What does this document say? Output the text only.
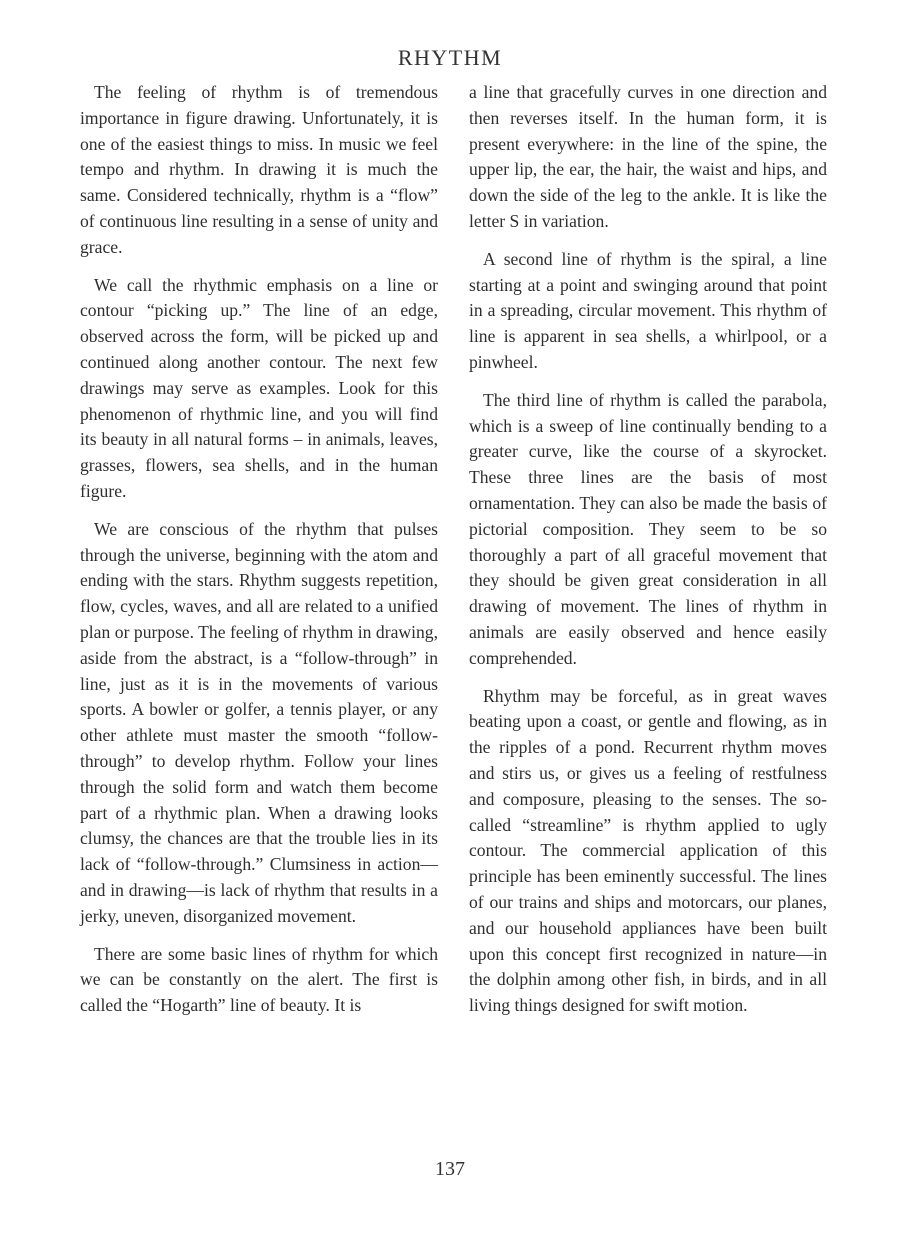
RHYTHM

The feeling of rhythm is of tremendous importance in figure drawing. Unfortunately, it is one of the easiest things to miss. In music we feel tempo and rhythm. In drawing it is much the same. Considered technically, rhythm is a “flow” of continuous line resulting in a sense of unity and grace.

We call the rhythmic emphasis on a line or contour “picking up.” The line of an edge, observed across the form, will be picked up and continued along another contour. The next few drawings may serve as examples. Look for this phenomenon of rhythmic line, and you will find its beauty in all natural forms – in animals, leaves, grasses, flowers, sea shells, and in the human figure.

We are conscious of the rhythm that pulses through the universe, beginning with the atom and ending with the stars. Rhythm suggests repetition, flow, cycles, waves, and all are related to a unified plan or purpose. The feeling of rhythm in drawing, aside from the abstract, is a “follow-through” in line, just as it is in the movements of various sports. A bowler or golfer, a tennis player, or any other athlete must master the smooth “follow-through” to develop rhythm. Follow your lines through the solid form and watch them become part of a rhythmic plan. When a drawing looks clumsy, the chances are that the trouble lies in its lack of “follow-through.” Clumsiness in action—and in drawing—is lack of rhythm that results in a jerky, uneven, disorganized movement.

There are some basic lines of rhythm for which we can be constantly on the alert. The first is called the “Hogarth” line of beauty. It is

a line that gracefully curves in one direction and then reverses itself. In the human form, it is present everywhere: in the line of the spine, the upper lip, the ear, the hair, the waist and hips, and down the side of the leg to the ankle. It is like the letter S in variation.

A second line of rhythm is the spiral, a line starting at a point and swinging around that point in a spreading, circular movement. This rhythm of line is apparent in sea shells, a whirlpool, or a pinwheel.

The third line of rhythm is called the parabola, which is a sweep of line continually bending to a greater curve, like the course of a skyrocket. These three lines are the basis of most ornamentation. They can also be made the basis of pictorial composition. They seem to be so thoroughly a part of all graceful movement that they should be given great consideration in all drawing of movement. The lines of rhythm in animals are easily observed and hence easily comprehended.

Rhythm may be forceful, as in great waves beating upon a coast, or gentle and flowing, as in the ripples of a pond. Recurrent rhythm moves and stirs us, or gives us a feeling of restfulness and composure, pleasing to the senses. The so-called “streamline” is rhythm applied to ugly contour. The commercial application of this principle has been eminently successful. The lines of our trains and ships and motorcars, our planes, and our household appliances have been built upon this concept first recognized in nature—in the dolphin among other fish, in birds, and in all living things designed for swift motion.

137
